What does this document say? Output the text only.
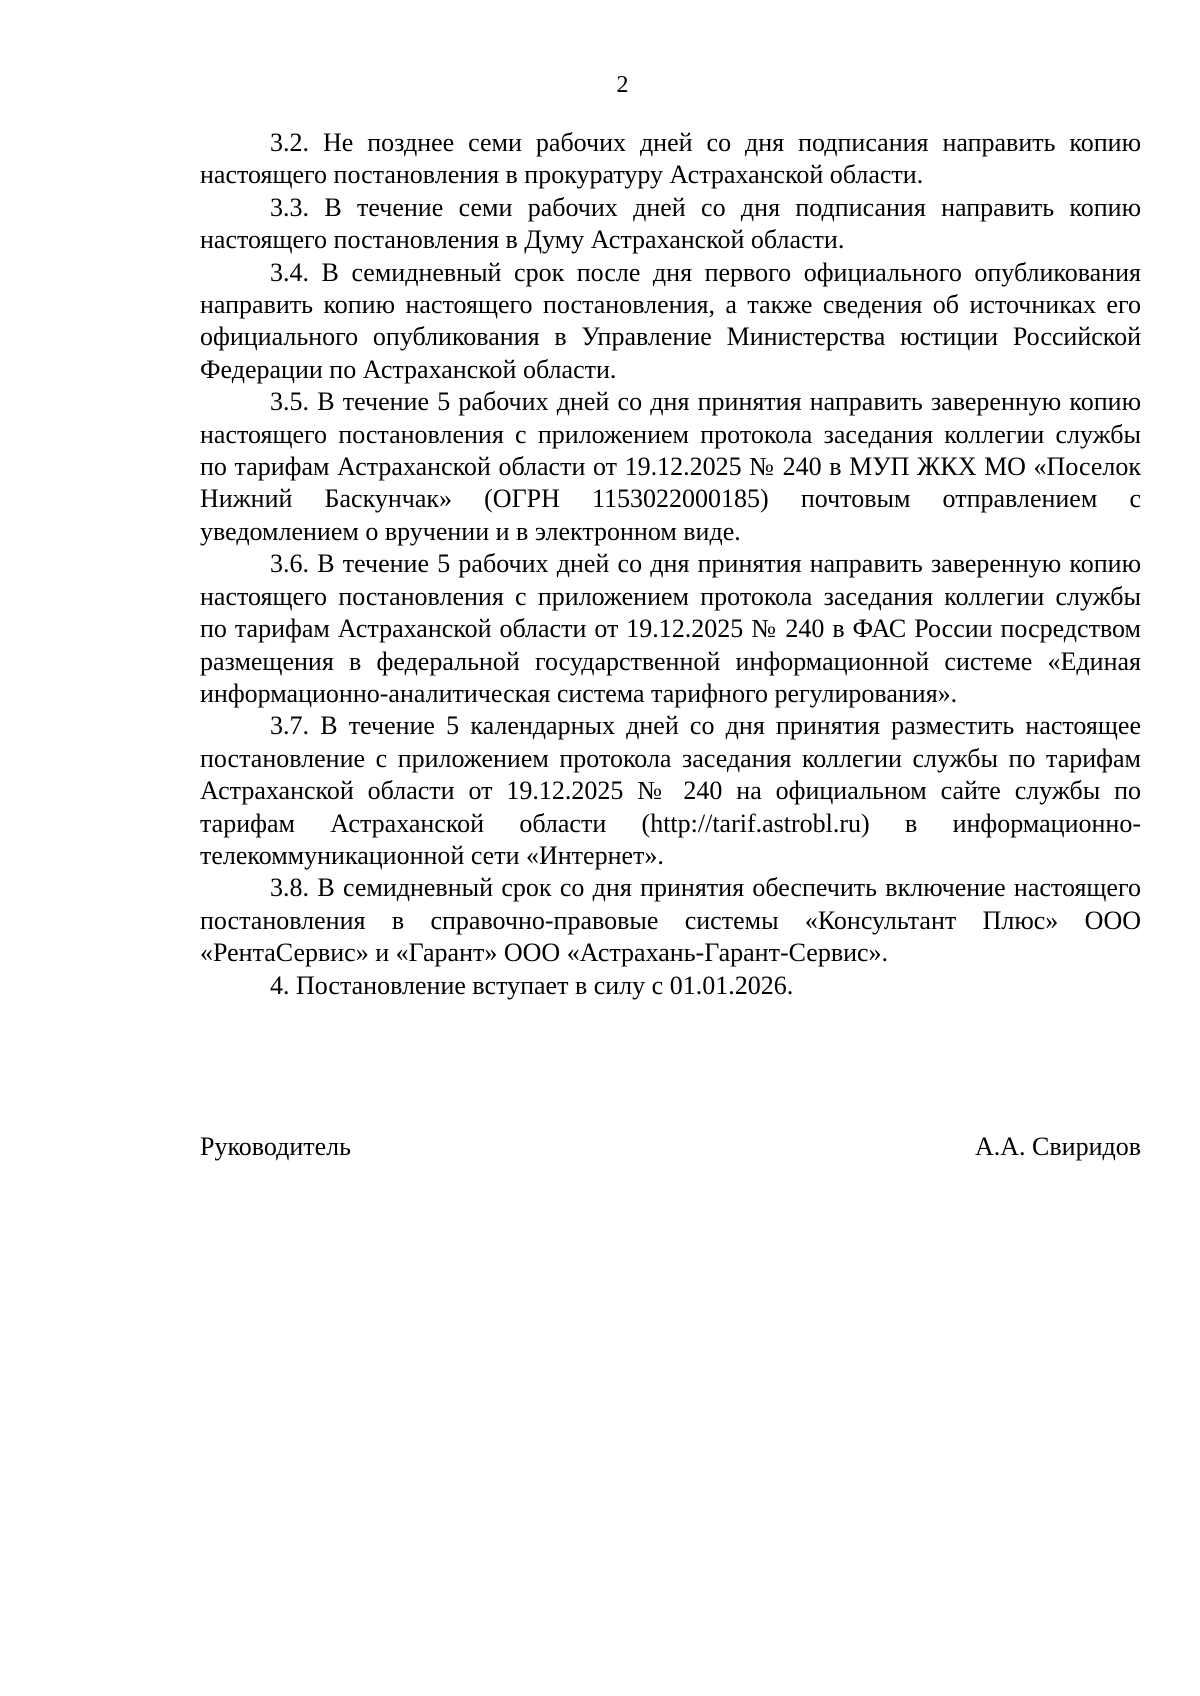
2

3.2. Не позднее семи рабочих дней со дня подписания направить копию настоящего постановления в прокуратуру Астраханской области.

3.3. В течение семи рабочих дней со дня подписания направить копию настоящего постановления в Думу Астраханской области.

3.4. В семидневный срок после дня первого официального опубликования направить копию настоящего постановления, а также сведения об источниках его официального опубликования в Управление Министерства юстиции Российской Федерации по Астраханской области.

3.5. В течение 5 рабочих дней со дня принятия направить заверенную копию настоящего постановления с приложением протокола заседания коллегии службы по тарифам Астраханской области от 19.12.2025 № 240 в МУП ЖКХ МО «Поселок Нижний Баскунчак» (ОГРН 1153022000185) почтовым отправлением с уведомлением о вручении и в электронном виде.

3.6. В течение 5 рабочих дней со дня принятия направить заверенную копию настоящего постановления с приложением протокола заседания коллегии службы по тарифам Астраханской области от 19.12.2025 № 240 в ФАС России посредством размещения в федеральной государственной информационной системе «Единая информационно-аналитическая система тарифного регулирования».

3.7. В течение 5 календарных дней со дня принятия разместить настоящее постановление с приложением протокола заседания коллегии службы по тарифам Астраханской области от 19.12.2025 № 240 на официальном сайте службы по тарифам Астраханской области (http://tarif.astrobl.ru) в информационно-телекоммуникационной сети «Интернет».

3.8. В семидневный срок со дня принятия обеспечить включение настоящего постановления в справочно-правовые системы «Консультант Плюс» ООО «РентаСервис» и «Гарант» ООО «Астрахань-Гарант-Сервис».

4. Постановление вступает в силу с 01.01.2026.

Руководитель	А.А. Свиридов
